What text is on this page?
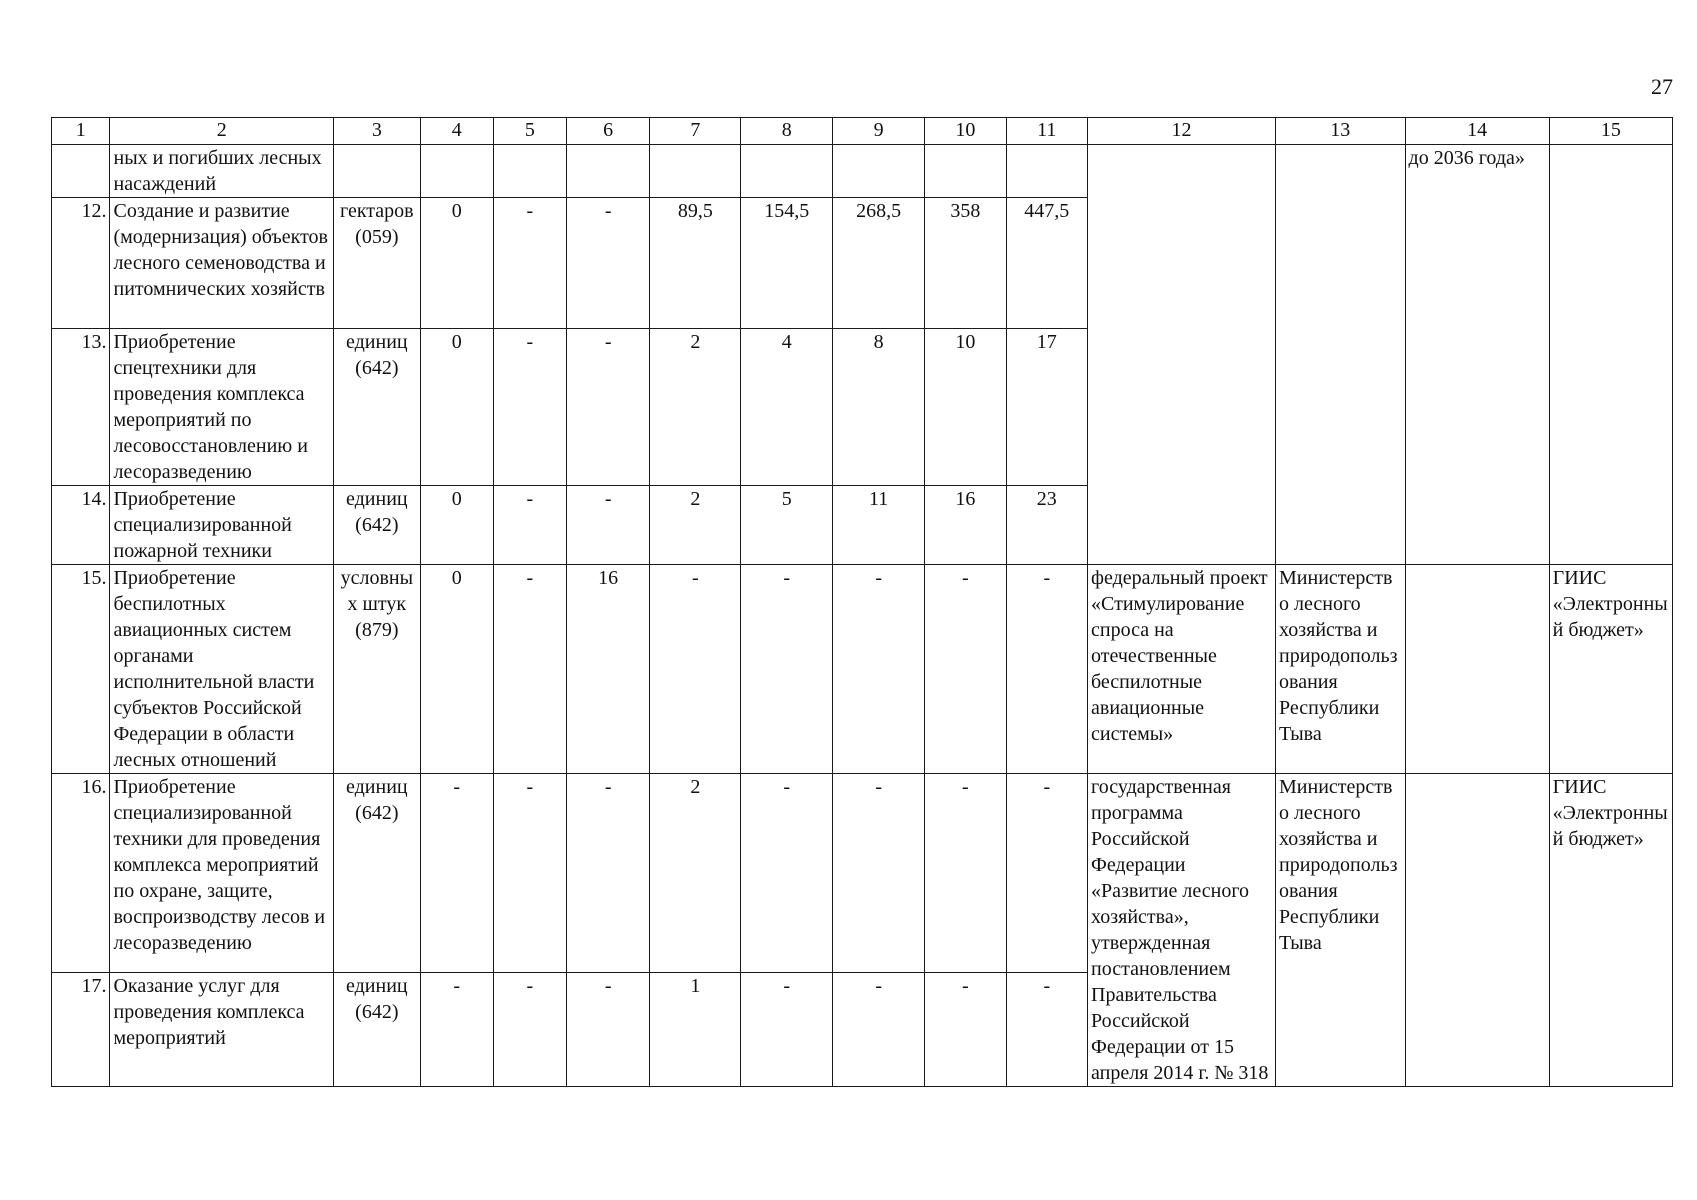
27
1	2	3	4	5	6	7	8	9	10	11	12	13	14	15
	ных и погибших лесных насаждений												до 2036 года»	
12.	Создание и развитие (модернизация) объектов лесного семеноводства и питомнических хозяйств	гектаров (059)	0	-	-	89,5	154,5	268,5	358	447,5				
13.	Приобретение спецтехники для проведения комплекса мероприятий по лесовосстановлению и лесоразведению	единиц (642)	0	-	-	2	4	8	10	17				
14.	Приобретение специализированной пожарной техники	единиц (642)	0	-	-	2	5	11	16	23				
15.	Приобретение беспилотных авиационных систем органами исполнительной власти субъектов Российской Федерации в области лесных отношений	условных штук (879)	0	-	16	-	-	-	-	-	федеральный проект «Стимулирование спроса на отечественные беспилотные авиационные системы»	Министерство лесного хозяйства и природопользования Республики Тыва		ГИИС «Электронный бюджет»
16.	Приобретение специализированной техники для проведения комплекса мероприятий по охране, защите, воспроизводству лесов и лесоразведению	единиц (642)	-	-	-	2	-	-	-	-	государственная программа Российской Федерации «Развитие лесного хозяйства», утвержденная постановлением Правительства Российской Федерации от 15 апреля 2014 г. № 318	Министерство лесного хозяйства и природопользования Республики Тыва		ГИИС «Электронный бюджет»
17.	Оказание услуг для проведения комплекса мероприятий	единиц (642)	-	-	-	1	-	-	-	-				
